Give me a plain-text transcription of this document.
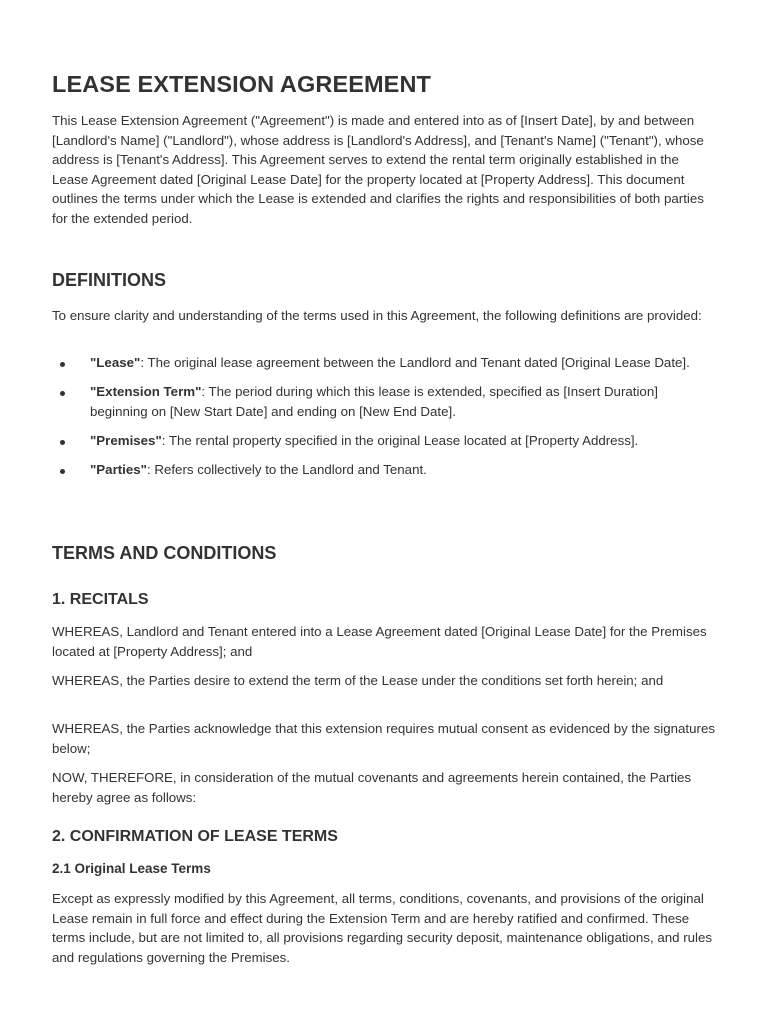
LEASE EXTENSION AGREEMENT

This Lease Extension Agreement ("Agreement") is made and entered into as of [Insert Date], by and between [Landlord's Name] ("Landlord"), whose address is [Landlord's Address], and [Tenant's Name] ("Tenant"), whose address is [Tenant's Address]. This Agreement serves to extend the rental term originally established in the Lease Agreement dated [Original Lease Date] for the property located at [Property Address]. This document outlines the terms under which the Lease is extended and clarifies the rights and responsibilities of both parties for the extended period.

DEFINITIONS

To ensure clarity and understanding of the terms used in this Agreement, the following definitions are provided:

"Lease": The original lease agreement between the Landlord and Tenant dated [Original Lease Date].
"Extension Term": The period during which this lease is extended, specified as [Insert Duration] beginning on [New Start Date] and ending on [New End Date].
"Premises": The rental property specified in the original Lease located at [Property Address].
"Parties": Refers collectively to the Landlord and Tenant.
TERMS AND CONDITIONS
1. RECITALS

WHEREAS, Landlord and Tenant entered into a Lease Agreement dated [Original Lease Date] for the Premises located at [Property Address]; and

WHEREAS, the Parties desire to extend the term of the Lease under the conditions set forth herein; and

WHEREAS, the Parties acknowledge that this extension requires mutual consent as evidenced by the signatures below;

NOW, THEREFORE, in consideration of the mutual covenants and agreements herein contained, the Parties hereby agree as follows:

2. CONFIRMATION OF LEASE TERMS
2.1 Original Lease Terms

Except as expressly modified by this Agreement, all terms, conditions, covenants, and provisions of the original Lease remain in full force and effect during the Extension Term and are hereby ratified and confirmed. These terms include, but are not limited to, all provisions regarding security deposit, maintenance obligations, and rules and regulations governing the Premises.
